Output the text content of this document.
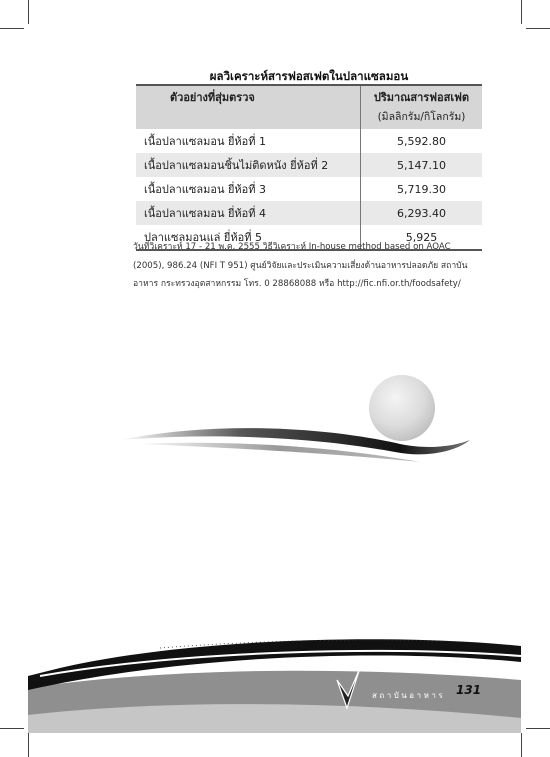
ผลวิเคราะห์สารฟอสเฟตในปลาแซลมอน
ตัวอย่างที่สุ่มตรวจ	ปริมาณสารฟอสเฟต
	(มิลลิกรัม/กิโลกรัม)
เนื้อปลาแซลมอน ยี่ห้อที่ 1	5,592.80
เนื้อปลาแซลมอนชิ้นไม่ติดหนัง ยี่ห้อที่ 2	5,147.10
เนื้อปลาแซลมอน ยี่ห้อที่ 3	5,719.30
เนื้อปลาแซลมอน ยี่ห้อที่ 4	6,293.40
ปลาแซลมอนแล่ ยี่ห้อที่ 5	5,925
วันที่วิเคราะห์ 17 - 21 พ.ค. 2555 วิธีวิเคราะห์ In-house method based on AOAC
(2005), 986.24 (NFI T 951) ศูนย์วิจัยและประเมินความเสี่ยงด้านอาหารปลอดภัย สถาบัน
อาหาร กระทรวงอุตสาหกรรม โทร. 0 28868088 หรือ http://fic.nfi.or.th/foodsafety/
สถาบันอาหาร 131
